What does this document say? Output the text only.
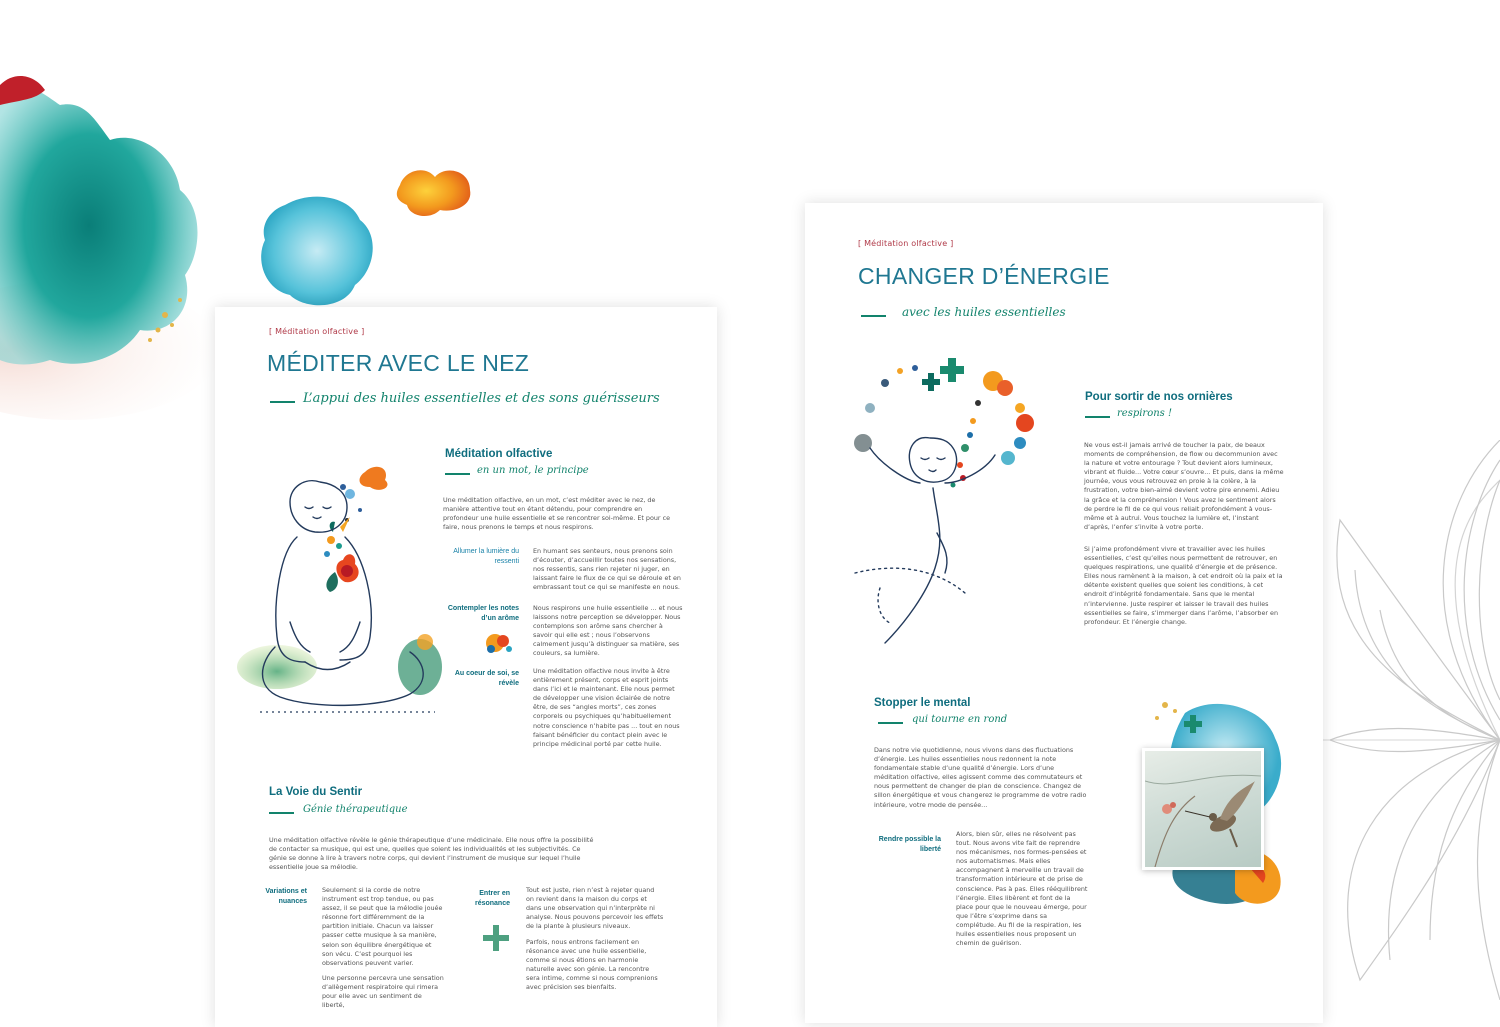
[ Méditation olfactive ]
MÉDITER AVEC LE NEZ
L’appui des huiles essentielles et des sons guérisseurs
Méditation olfactive
en un mot, le principe
Une méditation olfactive, en un mot, c’est méditer avec le nez, de manière attentive tout en étant détendu, pour comprendre en profondeur une huile essentielle et se rencontrer soi-même. Et pour ce faire, nous prenons le temps et nous respirons.
Allumer la lumière du ressenti
En humant ses senteurs, nous prenons soin d’écouter, d’accueillir toutes nos sensations, nos ressentis, sans rien rejeter ni juger, en laissant faire le flux de ce qui se déroule et en embrassant tout ce qui se manifeste en nous.
Contempler les notes d’un arôme
Nous respirons une huile essentielle ... et nous laissons notre perception se développer. Nous contemplons son arôme sans chercher à savoir qui elle est ; nous l’observons calmement jusqu’à distinguer sa matière, ses couleurs, sa lumière.
Au coeur de soi, se révèle
Une méditation olfactive nous invite à être entièrement présent, corps et esprit joints dans l’ici et le maintenant. Elle nous permet de développer une vision éclairée de notre être, de ses “angles morts”, ces zones corporels ou psychiques qu’habituellement notre conscience n’habite pas ... tout en nous faisant bénéficier du contact plein avec le principe médicinal porté par cette huile.
La Voie du Sentir
Génie thérapeutique
Une méditation olfactive révèle le génie thérapeutique d’une médicinale. Elle nous offre la possibilité de contacter sa musique, qui est une, quelles que soient les individualités et les subjectivités. Ce génie se donne à lire à travers notre corps, qui devient l’instrument de musique sur lequel l’huile essentielle joue sa mélodie.
Variations et nuances
Seulement si la corde de notre instrument est trop tendue, ou pas assez, il se peut que la mélodie jouée résonne fort différemment de la partition initiale. Chacun va laisser passer cette musique à sa manière, selon son équilibre énergétique et son vécu. C’est pourquoi les observations peuvent varier.
Une personne percevra une sensation d’allègement respiratoire qui rimera pour elle avec un sentiment de liberté,
Entrer en résonance
Tout est juste, rien n’est à rejeter quand on revient dans la maison du corps et dans une observation qui n’interprète ni analyse. Nous pouvons percevoir les effets de la plante à plusieurs niveaux.
Parfois, nous entrons facilement en résonance avec une huile essentielle, comme si nous étions en harmonie naturelle avec son génie. La rencontre sera intime, comme si nous comprenions avec précision ses bienfaits.
[ Méditation olfactive ]
CHANGER D’ÉNERGIE
avec les huiles essentielles
Pour sortir de nos ornières
respirons !
Ne vous est-il jamais arrivé de toucher la paix, de beaux moments de compréhension, de flow ou decommunion avec la nature et votre entourage ? Tout devient alors lumineux, vibrant et fluide... Votre cœur s’ouvre... Et puis, dans la même journée, vous vous retrouvez en proie à la colère, à la frustration, votre bien-aimé devient votre pire ennemi. Adieu la grâce et la compréhension ! Vous avez le sentiment alors de perdre le fil de ce qui vous reliait profondément à vous-même et à autrui. Vous touchez la lumière et, l’instant d’après, l’enfer s’invite à votre porte.
Si j’aime profondément vivre et travailler avec les huiles essentielles, c’est qu’elles nous permettent de retrouver, en quelques respirations, une qualité d’énergie et de présence. Elles nous ramènent à la maison, à cet endroit où la paix et la détente existent quelles que soient les conditions, à cet endroit d’intégrité fondamentale. Sans que le mental n’intervienne. Juste respirer et laisser le travail des huiles essentielles se faire, s’immerger dans l’arôme, l’absorber en profondeur. Et l’énergie change.
Stopper le mental
qui tourne en rond
Dans notre vie quotidienne, nous vivons dans des fluctuations d’énergie. Les huiles essentielles nous redonnent la note fondamentale stable d’une qualité d’énergie. Lors d’une méditation olfactive, elles agissent comme des commutateurs et nous permettent de changer de plan de conscience. Changez de sillon énergétique et vous changerez le programme de votre radio intérieure, votre mode de pensée...
Rendre possible la liberté
Alors, bien sûr, elles ne résolvent pas tout. Nous avons vite fait de reprendre nos mécanismes, nos formes-pensées et nos automatismes. Mais elles accompagnent à merveille un travail de transformation intérieure et de prise de conscience. Pas à pas. Elles rééquilibrent l’énergie. Elles libèrent et font de la place pour que le nouveau émerge, pour que l’être s’exprime dans sa complétude. Au fil de la respiration, les huiles essentielles nous proposent un chemin de guérison.
